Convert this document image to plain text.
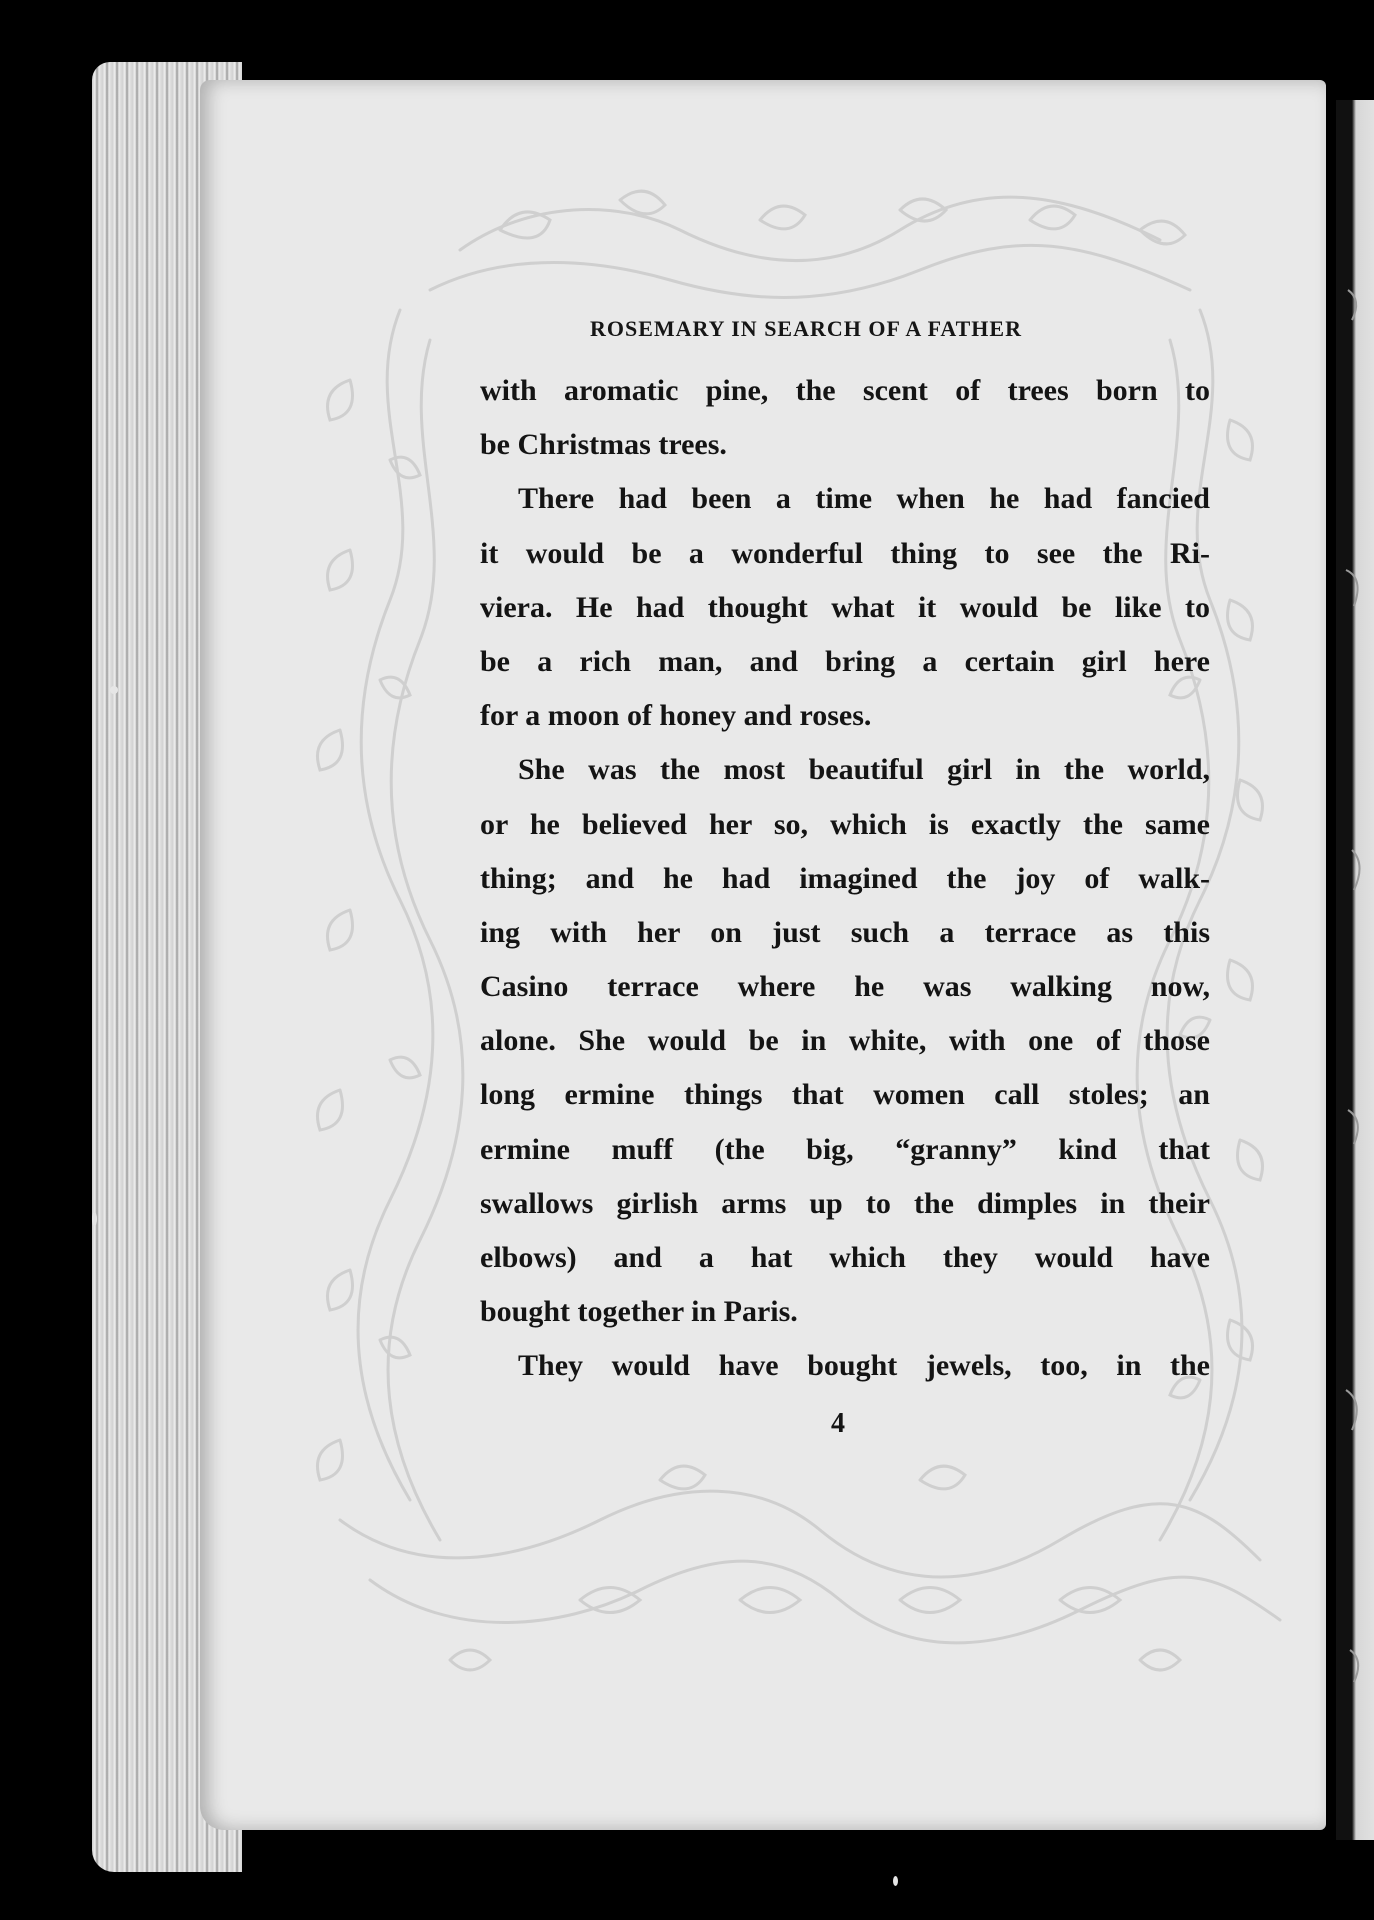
ROSEMARY IN SEARCH OF A FATHER
with aromatic pine, the scent of trees born to
be Christmas trees.
There had been a time when he had fancied
it would be a wonderful thing to see the Ri-
viera. He had thought what it would be like to
be a rich man, and bring a certain girl here
for a moon of honey and roses.
She was the most beautiful girl in the world,
or he believed her so, which is exactly the same
thing; and he had imagined the joy of walk-
ing with her on just such a terrace as this
Casino terrace where he was walking now,
alone. She would be in white, with one of those
long ermine things that women call stoles; an
ermine muff (the big, “granny” kind that
swallows girlish arms up to the dimples in their
elbows) and a hat which they would have
bought together in Paris.
They would have bought jewels, too, in the
4
